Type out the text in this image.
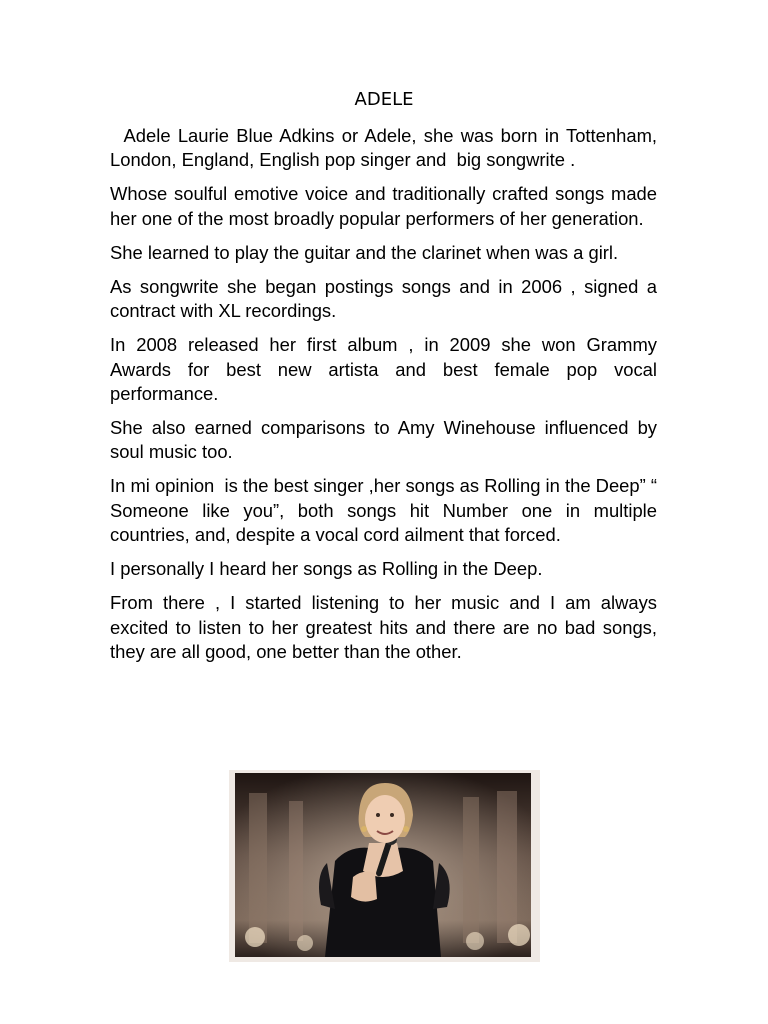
ADELE

Adele Laurie Blue Adkins or Adele, she was born in Tottenham, London, England, English pop singer and  big songwrite .

Whose soulful emotive voice and traditionally crafted songs made her one of the most broadly popular performers of her generation.

She learned to play the guitar and the clarinet when was a girl.

As songwrite she began postings songs and in 2006 , signed a contract with XL recordings.

In 2008 released her first album , in 2009 she won Grammy Awards for best new artista and best female pop vocal performance.

She also earned comparisons to Amy Winehouse influenced by soul music too.

In mi opinion  is the best singer ,her songs as Rolling in the Deep” “ Someone like you”, both songs hit Number one in multiple countries, and, despite a vocal cord ailment that forced.

I personally I heard her songs as Rolling in the Deep.

From there , I started listening to her music and I am always excited to listen to her greatest hits and there are no bad songs, they are all good, one better than the other.
